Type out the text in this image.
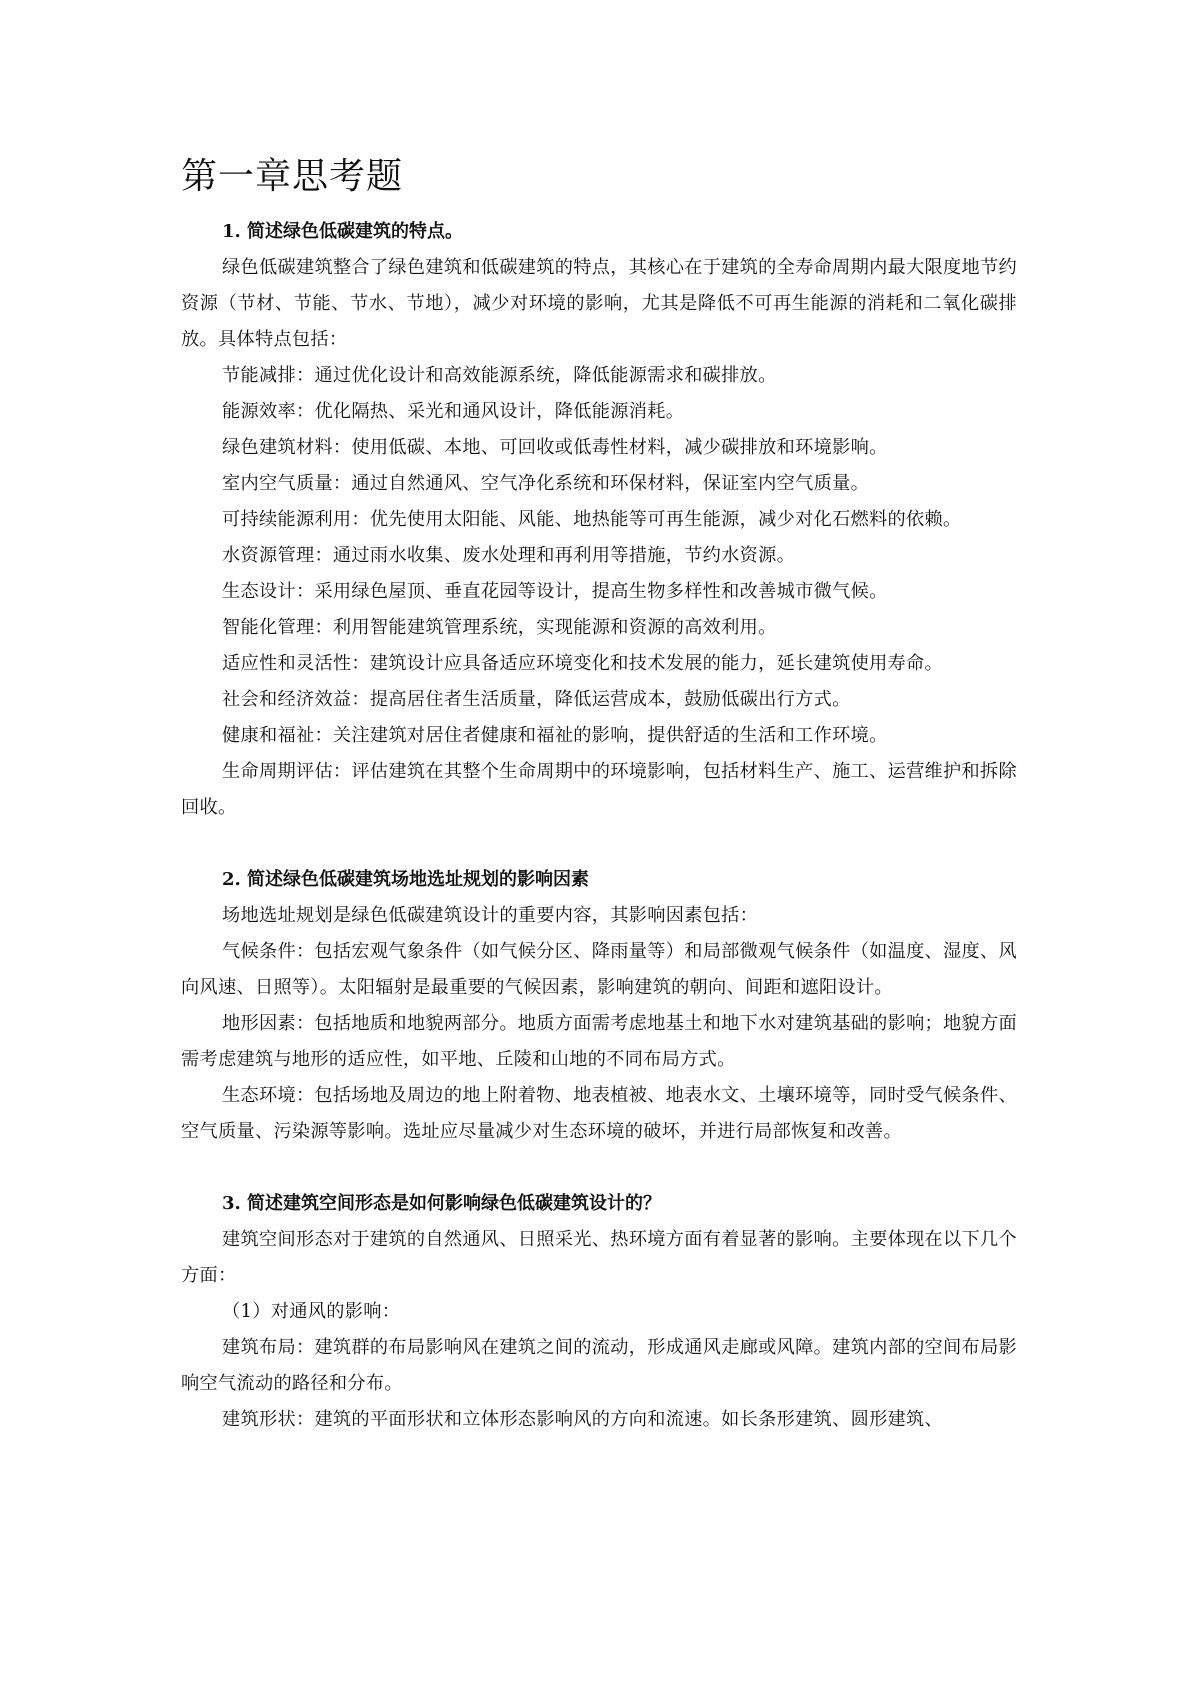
第一章思考题
1. 简述绿色低碳建筑的特点。

绿色低碳建筑整合了绿色建筑和低碳建筑的特点，其核心在于建筑的全寿命周期内最大限度地节约资源（节材、节能、节水、节地），减少对环境的影响，尤其是降低不可再生能源的消耗和二氧化碳排放。具体特点包括：

节能减排：通过优化设计和高效能源系统，降低能源需求和碳排放。

能源效率：优化隔热、采光和通风设计，降低能源消耗。

绿色建筑材料：使用低碳、本地、可回收或低毒性材料，减少碳排放和环境影响。

室内空气质量：通过自然通风、空气净化系统和环保材料，保证室内空气质量。

可持续能源利用：优先使用太阳能、风能、地热能等可再生能源，减少对化石燃料的依赖。

水资源管理：通过雨水收集、废水处理和再利用等措施，节约水资源。

生态设计：采用绿色屋顶、垂直花园等设计，提高生物多样性和改善城市微气候。

智能化管理：利用智能建筑管理系统，实现能源和资源的高效利用。

适应性和灵活性：建筑设计应具备适应环境变化和技术发展的能力，延长建筑使用寿命。

社会和经济效益：提高居住者生活质量，降低运营成本，鼓励低碳出行方式。

健康和福祉：关注建筑对居住者健康和福祉的影响，提供舒适的生活和工作环境。

生命周期评估：评估建筑在其整个生命周期中的环境影响，包括材料生产、施工、运营维护和拆除回收。

2. 简述绿色低碳建筑场地选址规划的影响因素

场地选址规划是绿色低碳建筑设计的重要内容，其影响因素包括：

气候条件：包括宏观气象条件（如气候分区、降雨量等）和局部微观气候条件（如温度、湿度、风向风速、日照等）。太阳辐射是最重要的气候因素，影响建筑的朝向、间距和遮阳设计。

地形因素：包括地质和地貌两部分。地质方面需考虑地基土和地下水对建筑基础的影响；地貌方面需考虑建筑与地形的适应性，如平地、丘陵和山地的不同布局方式。

生态环境：包括场地及周边的地上附着物、地表植被、地表水文、土壤环境等，同时受气候条件、空气质量、污染源等影响。选址应尽量减少对生态环境的破坏，并进行局部恢复和改善。

3. 简述建筑空间形态是如何影响绿色低碳建筑设计的？

建筑空间形态对于建筑的自然通风、日照采光、热环境方面有着显著的影响。主要体现在以下几个方面：

（1）对通风的影响：

建筑布局：建筑群的布局影响风在建筑之间的流动，形成通风走廊或风障。建筑内部的空间布局影响空气流动的路径和分布。

建筑形状：建筑的平面形状和立体形态影响风的方向和流速。如长条形建筑、圆形建筑、
